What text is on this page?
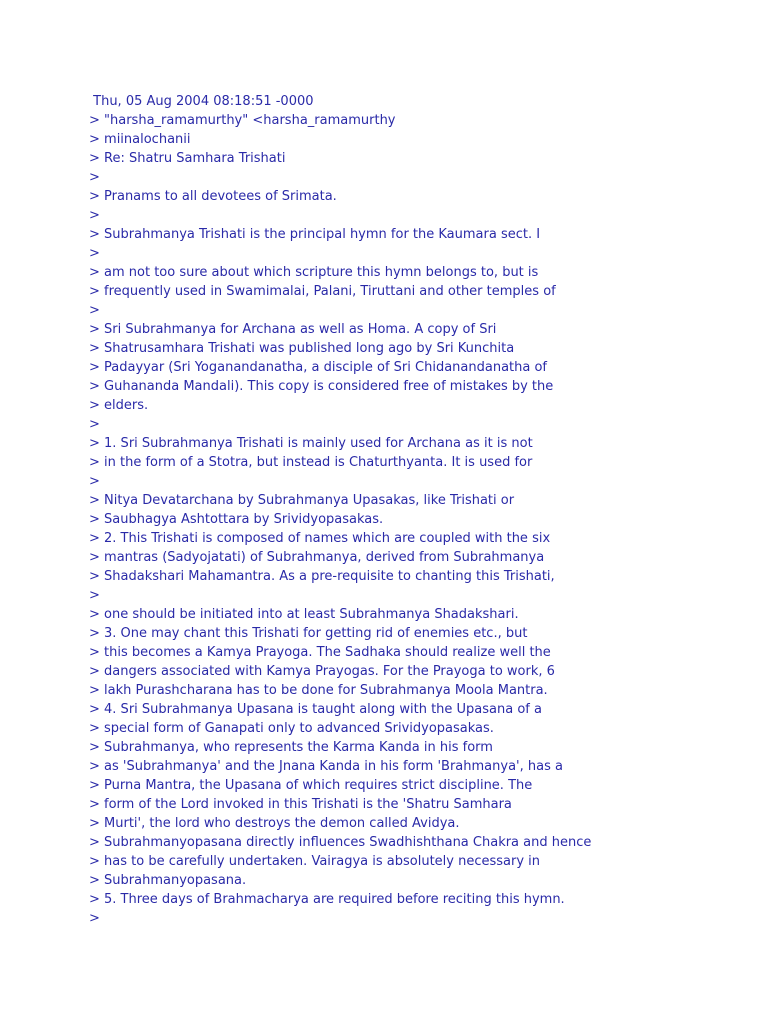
Thu, 05 Aug 2004 08:18:51 -0000
> "harsha_ramamurthy" <harsha_ramamurthy
> miinalochanii
> Re: Shatru Samhara Trishati
>
> Pranams to all devotees of Srimata.
>
> Subrahmanya Trishati is the principal hymn for the Kaumara sect. I
>
> am not too sure about which scripture this hymn belongs to, but is
> frequently used in Swamimalai, Palani, Tiruttani and other temples of
>
> Sri Subrahmanya for Archana as well as Homa. A copy of Sri
> Shatrusamhara Trishati was published long ago by Sri Kunchita
> Padayyar (Sri Yoganandanatha, a disciple of Sri Chidanandanatha of
> Guhananda Mandali). This copy is considered free of mistakes by the
> elders.
>
> 1. Sri Subrahmanya Trishati is mainly used for Archana as it is not
> in the form of a Stotra, but instead is Chaturthyanta. It is used for
>
> Nitya Devatarchana by Subrahmanya Upasakas, like Trishati or
> Saubhagya Ashtottara by Srividyopasakas.
> 2. This Trishati is composed of names which are coupled with the six
> mantras (Sadyojatati) of Subrahmanya, derived from Subrahmanya
> Shadakshari Mahamantra. As a pre-requisite to chanting this Trishati,
>
> one should be initiated into at least Subrahmanya Shadakshari.
> 3. One may chant this Trishati for getting rid of enemies etc., but
> this becomes a Kamya Prayoga. The Sadhaka should realize well the
> dangers associated with Kamya Prayogas. For the Prayoga to work, 6
> lakh Purashcharana has to be done for Subrahmanya Moola Mantra.
> 4. Sri Subrahmanya Upasana is taught along with the Upasana of a
> special form of Ganapati only to advanced Srividyopasakas.
> Subrahmanya, who represents the Karma Kanda in his form
> as 'Subrahmanya' and the Jnana Kanda in his form 'Brahmanya', has a
> Purna Mantra, the Upasana of which requires strict discipline. The
> form of the Lord invoked in this Trishati is the 'Shatru Samhara
> Murti', the lord who destroys the demon called Avidya.
> Subrahmanyopasana directly influences Swadhishthana Chakra and hence
> has to be carefully undertaken. Vairagya is absolutely necessary in
> Subrahmanyopasana.
> 5. Three days of Brahmacharya are required before reciting this hymn.
>
